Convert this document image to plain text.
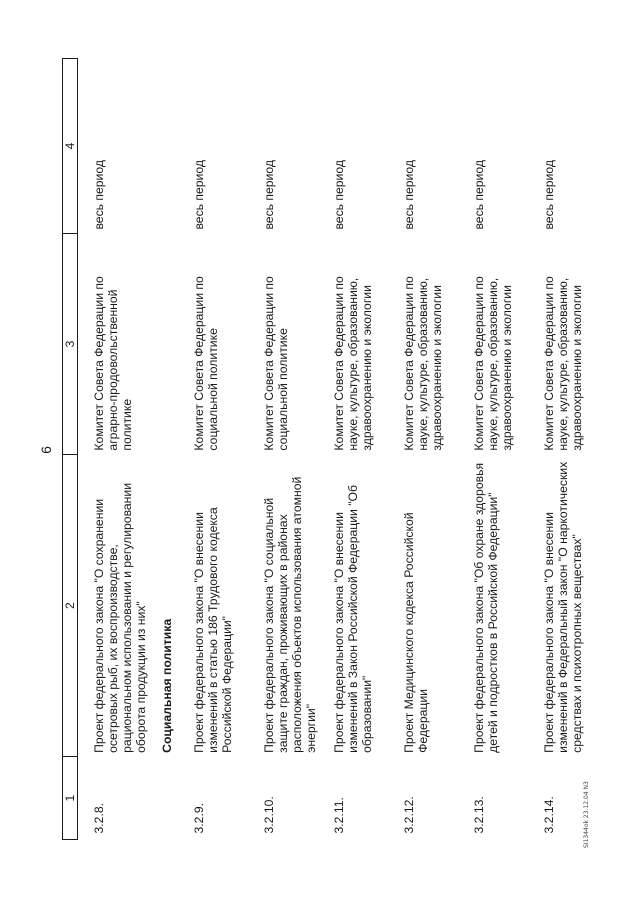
6
1	2	3	4
3.2.8.	Проект федерального закона "О сохранении осетровых рыб, их воспроизводстве, рациональном использовании и регулировании оборота продукции из них"	Комитет Совета Федерации по аграрно-продовольственной политике	весь период
	Социальная политика		
3.2.9.	Проект федерального закона "О внесении изменений в статью 186 Трудового кодекса Российской Федерации"	Комитет Совета Федерации по социальной политике	весь период
3.2.10.	Проект федерального закона "О социальной защите граждан, проживающих в районах расположения объектов использования атомной энергии"	Комитет Совета Федерации по социальной политике	весь период
3.2.11.	Проект федерального закона "О внесении изменений в Закон Российской Федерации "Об образовании"	Комитет Совета Федерации по науке, культуре, образованию, здравоохранению и экологии	весь период
3.2.12.	Проект Медицинского кодекса Российской Федерации	Комитет Совета Федерации по науке, культуре, образованию, здравоохранению и экологии	весь период
3.2.13.	Проект федерального закона "Об охране здоровья детей и подростков в Российской Федерации"	Комитет Совета Федерации по науке, культуре, образованию, здравоохранению и экологии	весь период
3.2.14.	Проект федерального закона "О внесении изменений в Федеральный закон "О наркотических средствах и психотропных веществах"	Комитет Совета Федерации по науке, культуре, образованию, здравоохранению и экологии	весь период
SI1344ok 23.12.04 N3
